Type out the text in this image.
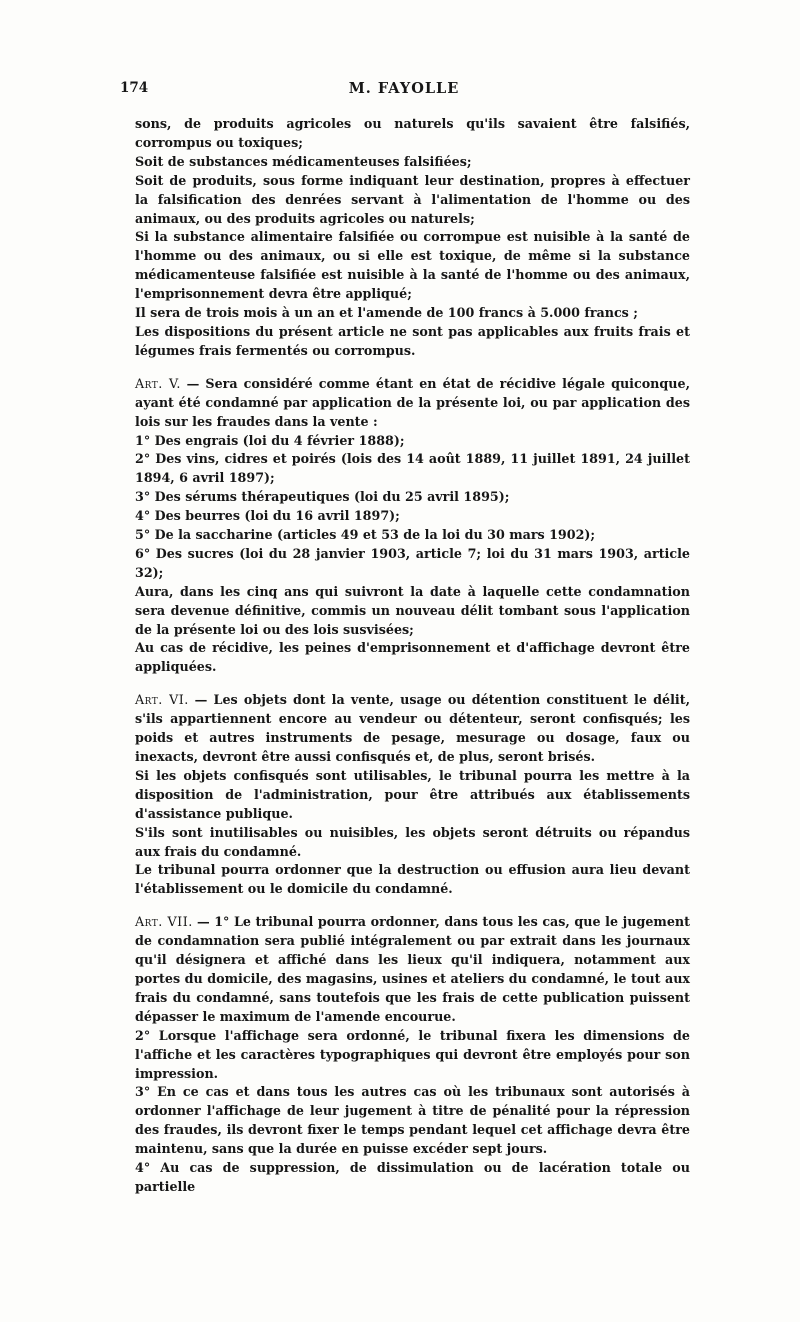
174	M. FAYOLLE

sons, de produits agricoles ou naturels qu'ils savaient être falsifiés, corrompus ou toxiques;

Soit de substances médicamenteuses falsifiées;

Soit de produits, sous forme indiquant leur destination, propres à effectuer la falsification des denrées servant à l'alimentation de l'homme ou des animaux, ou des produits agricoles ou naturels;

Si la substance alimentaire falsifiée ou corrompue est nuisible à la santé de l'homme ou des animaux, ou si elle est toxique, de même si la substance médicamenteuse falsifiée est nuisible à la santé de l'homme ou des animaux, l'emprisonnement devra être appliqué;

Il sera de trois mois à un an et l'amende de 100 francs à 5.000 francs ;

Les dispositions du présent article ne sont pas applicables aux fruits frais et légumes frais fermentés ou corrompus.

Art. V. — Sera considéré comme étant en état de récidive légale quiconque, ayant été condamné par application de la présente loi, ou par application des lois sur les fraudes dans la vente :

1° Des engrais (loi du 4 février 1888);

2° Des vins, cidres et poirés (lois des 14 août 1889, 11 juillet 1891, 24 juillet 1894, 6 avril 1897);

3° Des sérums thérapeutiques (loi du 25 avril 1895);

4° Des beurres (loi du 16 avril 1897);

5° De la saccharine (articles 49 et 53 de la loi du 30 mars 1902);

6° Des sucres (loi du 28 janvier 1903, article 7; loi du 31 mars 1903, article 32);

Aura, dans les cinq ans qui suivront la date à laquelle cette condamnation sera devenue définitive, commis un nouveau délit tombant sous l'application de la présente loi ou des lois susvisées;

Au cas de récidive, les peines d'emprisonnement et d'affichage devront être appliquées.

Art. VI. — Les objets dont la vente, usage ou détention constituent le délit, s'ils appartiennent encore au vendeur ou détenteur, seront confisqués; les poids et autres instruments de pesage, mesurage ou dosage, faux ou inexacts, devront être aussi confisqués et, de plus, seront brisés.

Si les objets confisqués sont utilisables, le tribunal pourra les mettre à la disposition de l'administration, pour être attribués aux établissements d'assistance publique.

S'ils sont inutilisables ou nuisibles, les objets seront détruits ou répandus aux frais du condamné.

Le tribunal pourra ordonner que la destruction ou effusion aura lieu devant l'établissement ou le domicile du condamné.

Art. VII. — 1° Le tribunal pourra ordonner, dans tous les cas, que le jugement de condamnation sera publié intégralement ou par extrait dans les journaux qu'il désignera et affiché dans les lieux qu'il indiquera, notamment aux portes du domicile, des magasins, usines et ateliers du condamné, le tout aux frais du condamné, sans toutefois que les frais de cette publication puissent dépasser le maximum de l'amende encourue.

2° Lorsque l'affichage sera ordonné, le tribunal fixera les dimensions de l'affiche et les caractères typographiques qui devront être employés pour son impression.

3° En ce cas et dans tous les autres cas où les tribunaux sont autorisés à ordonner l'affichage de leur jugement à titre de pénalité pour la répression des fraudes, ils devront fixer le temps pendant lequel cet affichage devra être maintenu, sans que la durée en puisse excéder sept jours.

4° Au cas de suppression, de dissimulation ou de lacération totale ou partielle
